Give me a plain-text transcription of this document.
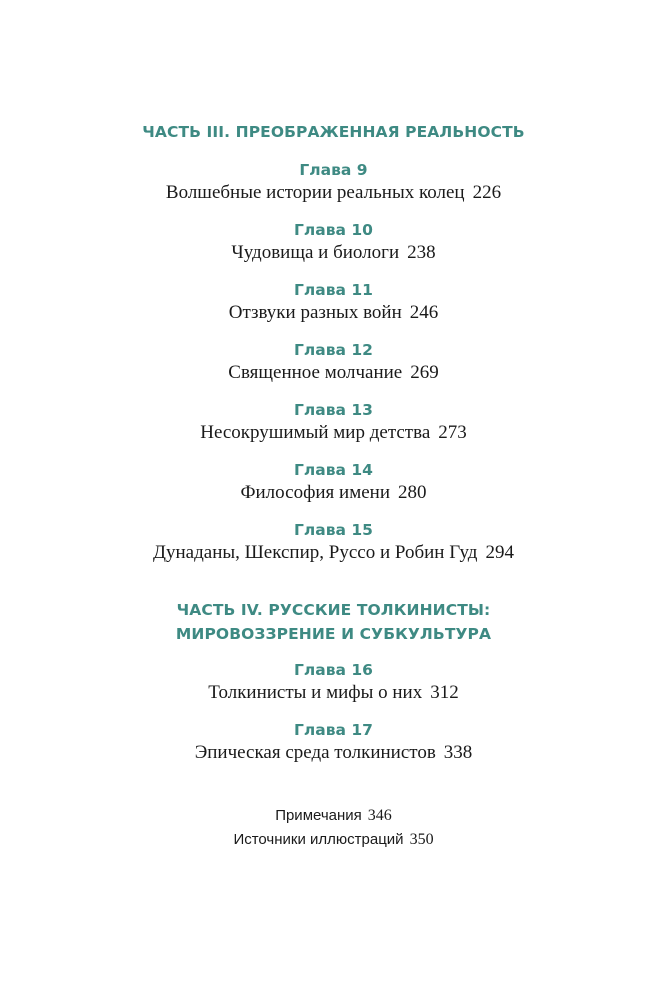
ЧАСТЬ III. ПРЕОБРАЖЕННАЯ РЕАЛЬНОСТЬ

Глава 9

Волшебные истории реальных колец 226

Глава 10

Чудовища и биологи 238

Глава 11

Отзвуки разных войн 246

Глава 12

Священное молчание 269

Глава 13

Несокрушимый мир детства 273

Глава 14

Философия имени 280

Глава 15

Дунаданы, Шекспир, Руссо и Робин Гуд 294

ЧАСТЬ IV. РУССКИЕ ТОЛКИНИСТЫ:

МИРОВОЗЗРЕНИЕ И СУБКУЛЬТУРА

Глава 16

Толкинисты и мифы о них 312

Глава 17

Эпическая среда толкинистов 338

Примечания 346

Источники иллюстраций 350
